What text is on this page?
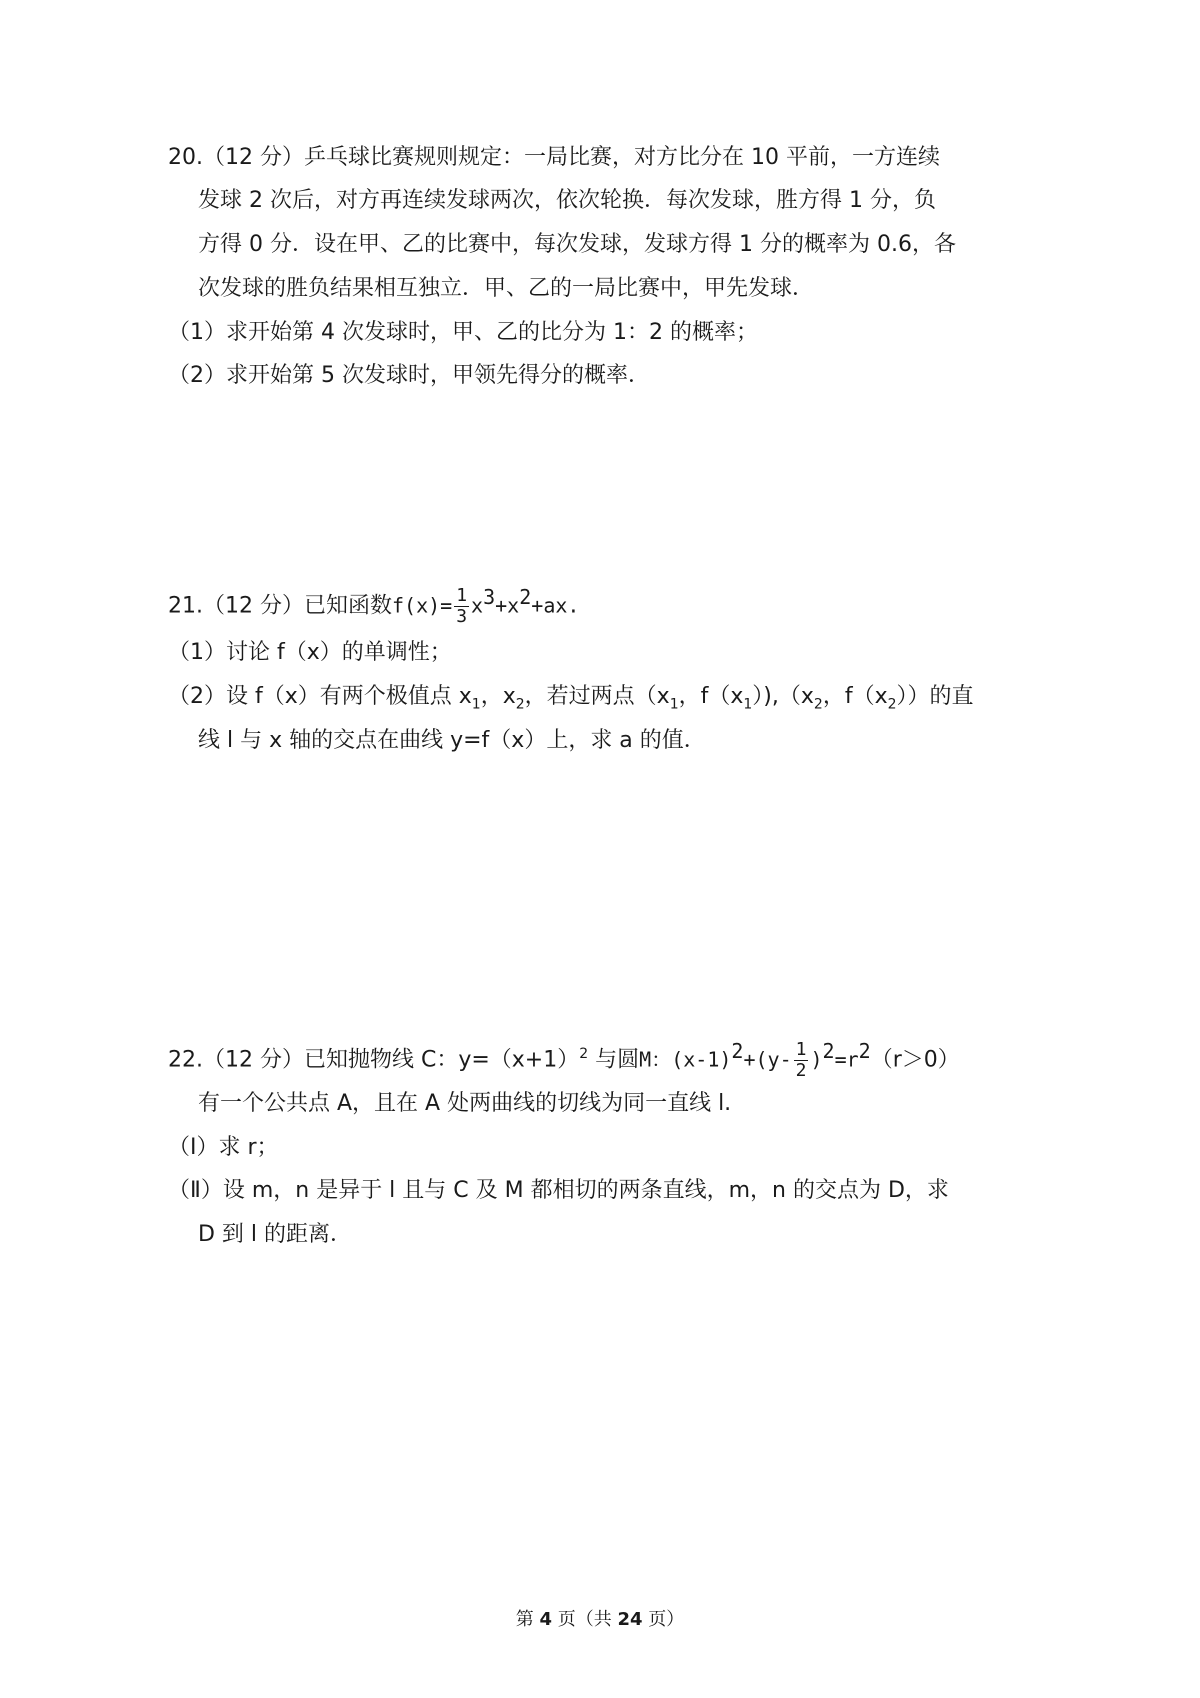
20.（12 分）乒乓球比赛规则规定：一局比赛，对方比分在 10 平前，一方连续
发球 2 次后，对方再连续发球两次，依次轮换．每次发球，胜方得 1 分，负
方得 0 分．设在甲、乙的比赛中，每次发球，发球方得 1 分的概率为 0.6，各
次发球的胜负结果相互独立．甲、乙的一局比赛中，甲先发球．
（1）求开始第 4 次发球时，甲、乙的比分为 1：2 的概率；
（2）求开始第 5 次发球时，甲领先得分的概率．
21.（12 分）已知函数$f(x)= \frac{1}{3} x^3+x^2+ax$.
（1）讨论 f（x）的单调性；
（2）设 f（x）有两个极值点 $x_1$，$x_2$，若过两点（$x_1$，$f(x_1)),(x_2$，$f(x_2)$）的直
线 l 与 x 轴的交点在曲线 y=f（x）上，求 a 的值．
22.（12 分）已知抛物线 C：$y=(x+1)^2$ 与圆M：$(x-1)^2+(y- \frac{1}{2} )^2=r^2(r>0)$
有一个公共点 A，且在 A 处两曲线的切线为同一直线 l.
（Ⅰ）求 r；
（Ⅱ）设 m，n 是异于 l 且与 C 及 M 都相切的两条直线，m，n 的交点为 D，求
D 到 l 的距离．
第 4 页（共 24 页）
